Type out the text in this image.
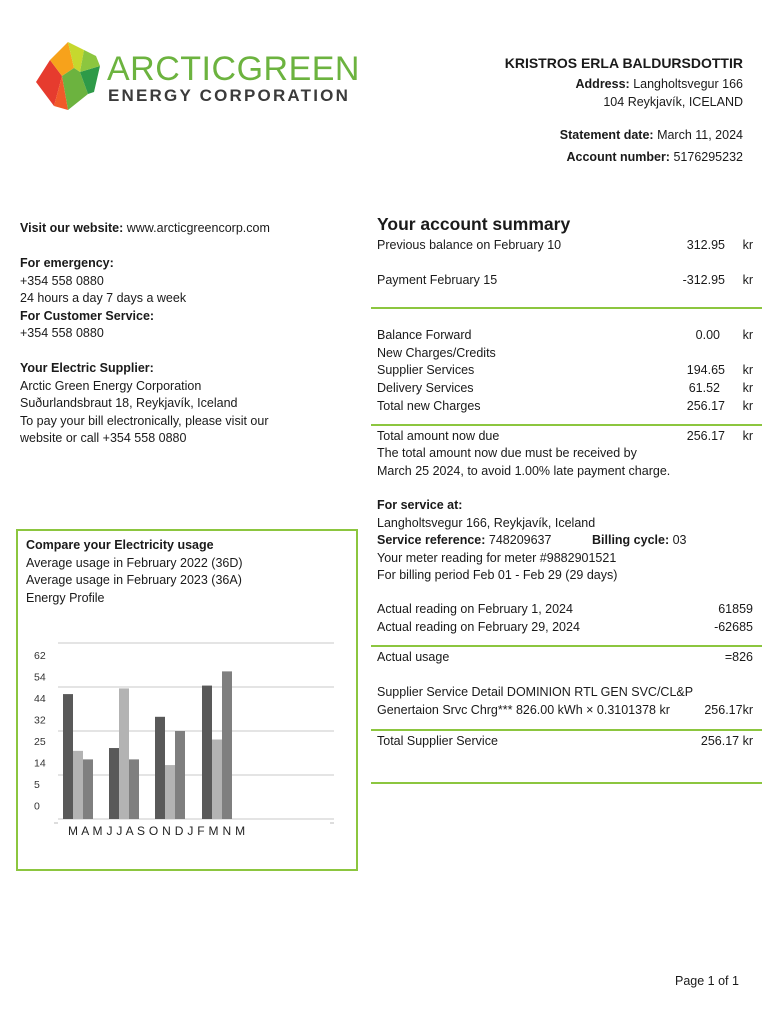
ARCTICGREEN
ENERGY CORPORATION
KRISTROS ERLA BALDURSDOTTIR
Address: Langholtsvegur 166
104 Reykjavík, ICELAND
Statement date: March 11, 2024
Account number: 5176295232
Visit our website: www.arcticgreencorp.com
For emergency:
+354 558 0880
24 hours a day 7 days a week
For Customer Service:
+354 558 0880
Your Electric Supplier:
Arctic Green Energy Corporation
Suðurlandsbraut 18, Reykjavík, Iceland
To pay your bill electronically, please visit our
website or call +354 558 0880
Your account summary
Previous balance on February 10	312.95 kr
Payment February 15	-312.95 kr
Balance Forward	0.00 kr
New Charges/Credits
Supplier Services	194.65 kr
Delivery Services	61.52 kr
Total new Charges	256.17 kr
Total amount now due	256.17 kr
The total amount now due must be received by
March 25 2024, to avoid 1.00% late payment charge.
For service at:
Langholtsvegur 166, Reykjavík, Iceland
Service reference: 748209637	Billing cycle: 03
Your meter reading for meter #9882901521
For billing period Feb 01 - Feb 29 (29 days)
Actual reading on February 1, 2024	61859
Actual reading on February 29, 2024	-62685
Actual usage	=826
Supplier Service Detail DOMINION RTL GEN SVC/CL&P
Genertaion Srvc Chrg*** 826.00 kWh × 0.3101378 kr	256.17kr
Total Supplier Service	256.17 kr
Compare your Electricity usage
Average usage in February 2022 (36D)
Average usage in February 2023 (36A)
Energy Profile
62
54
44
32
25
14
5
0
M A M J J A S O N D J F M N M
Page 1 of 1
